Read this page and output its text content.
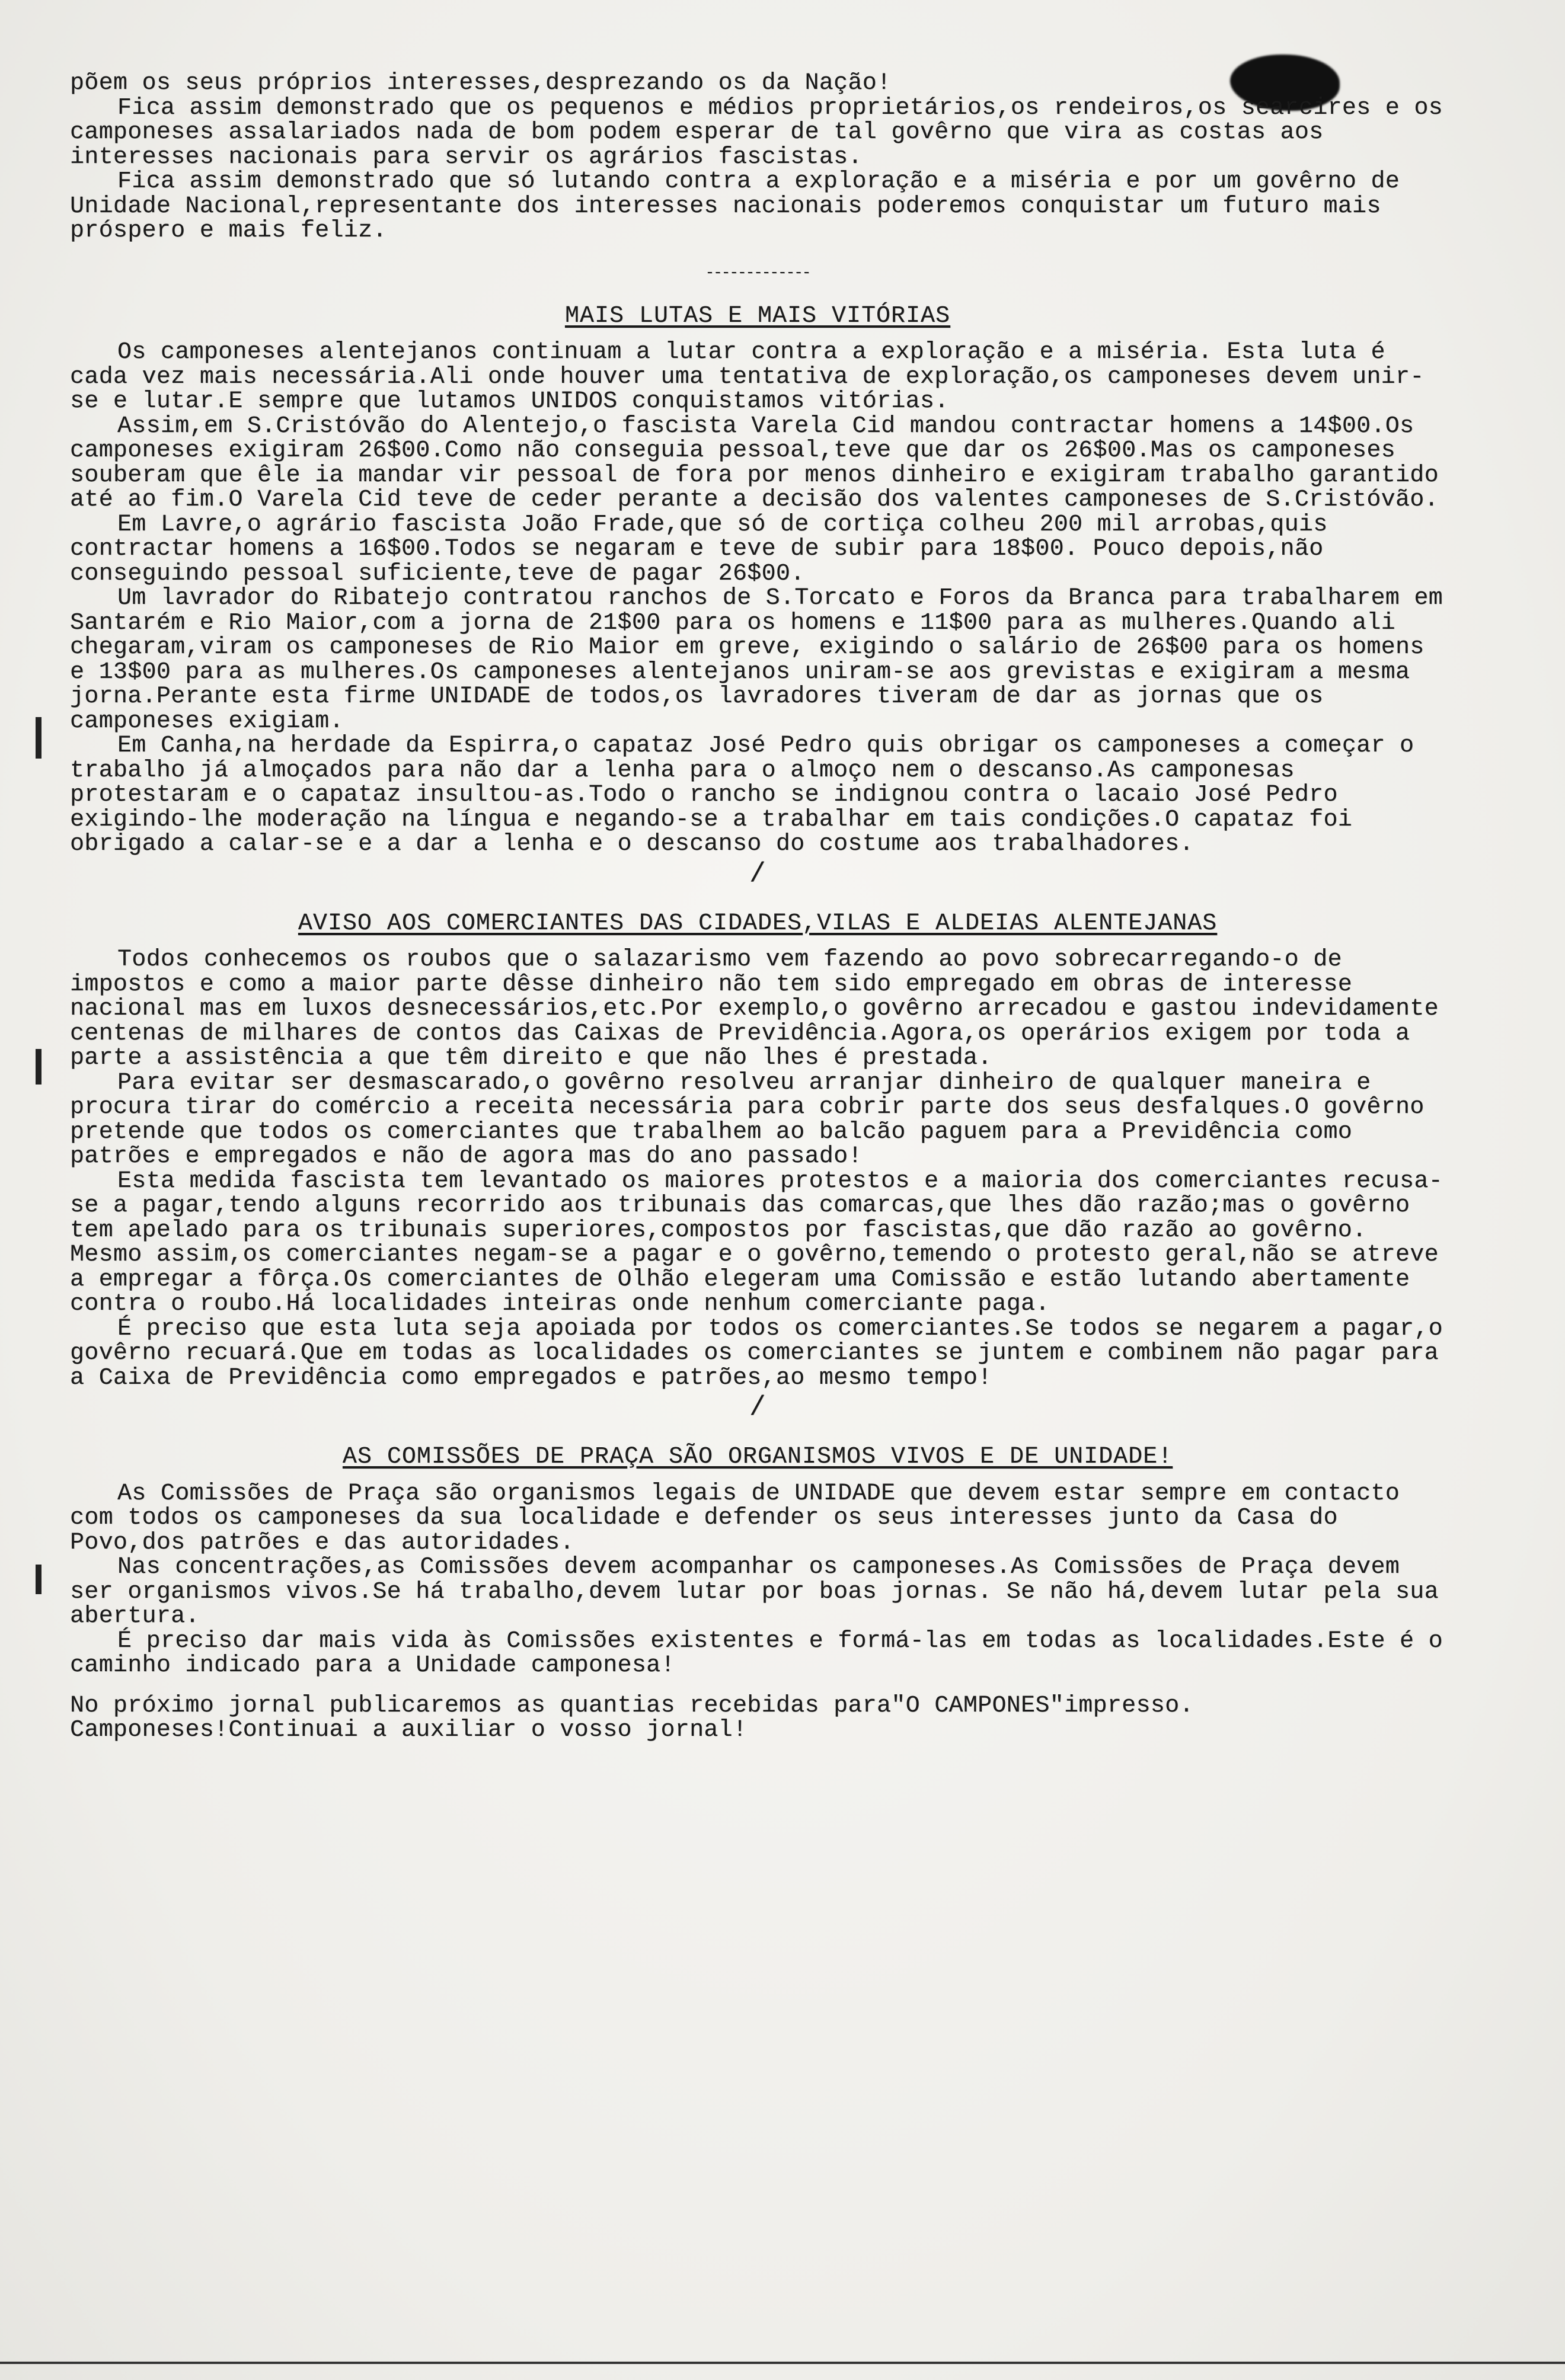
põem os seus próprios interesses,desprezando os da Nação!

Fica assim demonstrado que os pequenos e médios proprietários,os rendeiros,os searcires e os camponeses assalariados nada de bom podem esperar de tal govêrno que vira as costas aos interesses nacionais para servir os agrários fascistas.

Fica assim demonstrado que só lutando contra a exploração e a miséria e por um govêrno de Unidade Nacional,representante dos interesses nacionais poderemos conquistar um futuro mais próspero e mais feliz.

-------------
MAIS LUTAS E MAIS VITÓRIAS

Os camponeses alentejanos continuam a lutar contra a exploração e a miséria. Esta luta é cada vez mais necessária.Ali onde houver uma tentativa de exploração,os camponeses devem unir-se e lutar.E sempre que lutamos UNIDOS conquistamos vitórias.

Assim,em S.Cristóvão do Alentejo,o fascista Varela Cid mandou contractar homens a 14$00.Os camponeses exigiram 26$00.Como não conseguia pessoal,teve que dar os 26$00.Mas os camponeses souberam que êle ia mandar vir pessoal de fora por menos dinheiro e exigiram trabalho garantido até ao fim.O Varela Cid teve de ceder perante a decisão dos valentes camponeses de S.Cristóvão.

Em Lavre,o agrário fascista João Frade,que só de cortiça colheu 200 mil arrobas,quis contractar homens a 16$00.Todos se negaram e teve de subir para 18$00. Pouco depois,não conseguindo pessoal suficiente,teve de pagar 26$00.

Um lavrador do Ribatejo contratou ranchos de S.Torcato e Foros da Branca para trabalharem em Santarém e Rio Maior,com a jorna de 21$00 para os homens e 11$00 para as mulheres.Quando ali chegaram,viram os camponeses de Rio Maior em greve, exigindo o salário de 26$00 para os homens e 13$00 para as mulheres.Os camponeses alentejanos uniram-se aos grevistas e exigiram a mesma jorna.Perante esta firme UNIDADE de todos,os lavradores tiveram de dar as jornas que os camponeses exigiam.

Em Canha,na herdade da Espirra,o capataz José Pedro quis obrigar os camponeses a começar o trabalho já almoçados para não dar a lenha para o almoço nem o descanso.As camponesas protestaram e o capataz insultou-as.Todo o rancho se indignou contra o lacaio José Pedro exigindo-lhe moderação na língua e negando-se a trabalhar em tais condições.O capataz foi obrigado a calar-se e a dar a lenha e o descanso do costume aos trabalhadores.

/
AVISO AOS COMERCIANTES DAS CIDADES,VILAS E ALDEIAS ALENTEJANAS

Todos conhecemos os roubos que o salazarismo vem fazendo ao povo sobrecarregando-o de impostos e como a maior parte dêsse dinheiro não tem sido empregado em obras de interesse nacional mas em luxos desnecessários,etc.Por exemplo,o govêrno arrecadou e gastou indevidamente centenas de milhares de contos das Caixas de Previdência.Agora,os operários exigem por toda a parte a assistência a que têm direito e que não lhes é prestada.

Para evitar ser desmascarado,o govêrno resolveu arranjar dinheiro de qualquer maneira e procura tirar do comércio a receita necessária para cobrir parte dos seus desfalques.O govêrno pretende que todos os comerciantes que trabalhem ao balcão paguem para a Previdência como patrões e empregados e não de agora mas do ano passado!

Esta medida fascista tem levantado os maiores protestos e a maioria dos comerciantes recusa-se a pagar,tendo alguns recorrido aos tribunais das comarcas,que lhes dão razão;mas o govêrno tem apelado para os tribunais superiores,compostos por fascistas,que dão razão ao govêrno. Mesmo assim,os comerciantes negam-se a pagar e o govêrno,temendo o protesto geral,não se atreve a empregar a fôrça.Os comerciantes de Olhão elegeram uma Comissão e estão lutando abertamente contra o roubo.Há localidades inteiras onde nenhum comerciante paga.

É preciso que esta luta seja apoiada por todos os comerciantes.Se todos se negarem a pagar,o govêrno recuará.Que em todas as localidades os comerciantes se juntem e combinem não pagar para a Caixa de Previdência como empregados e patrões,ao mesmo tempo!

/
AS COMISSÕES DE PRAÇA SÃO ORGANISMOS VIVOS E DE UNIDADE!

As Comissões de Praça são organismos legais de UNIDADE que devem estar sempre em contacto com todos os camponeses da sua localidade e defender os seus interesses junto da Casa do Povo,dos patrões e das autoridades.

Nas concentrações,as Comissões devem acompanhar os camponeses.As Comissões de Praça devem ser organismos vivos.Se há trabalho,devem lutar por boas jornas. Se não há,devem lutar pela sua abertura.

É preciso dar mais vida às Comissões existentes e formá-las em todas as localidades.Este é o caminho indicado para a Unidade camponesa!

No próximo jornal publicaremos as quantias recebidas para"O CAMPONES"impresso.

Camponeses!Continuai a auxiliar o vosso jornal!
